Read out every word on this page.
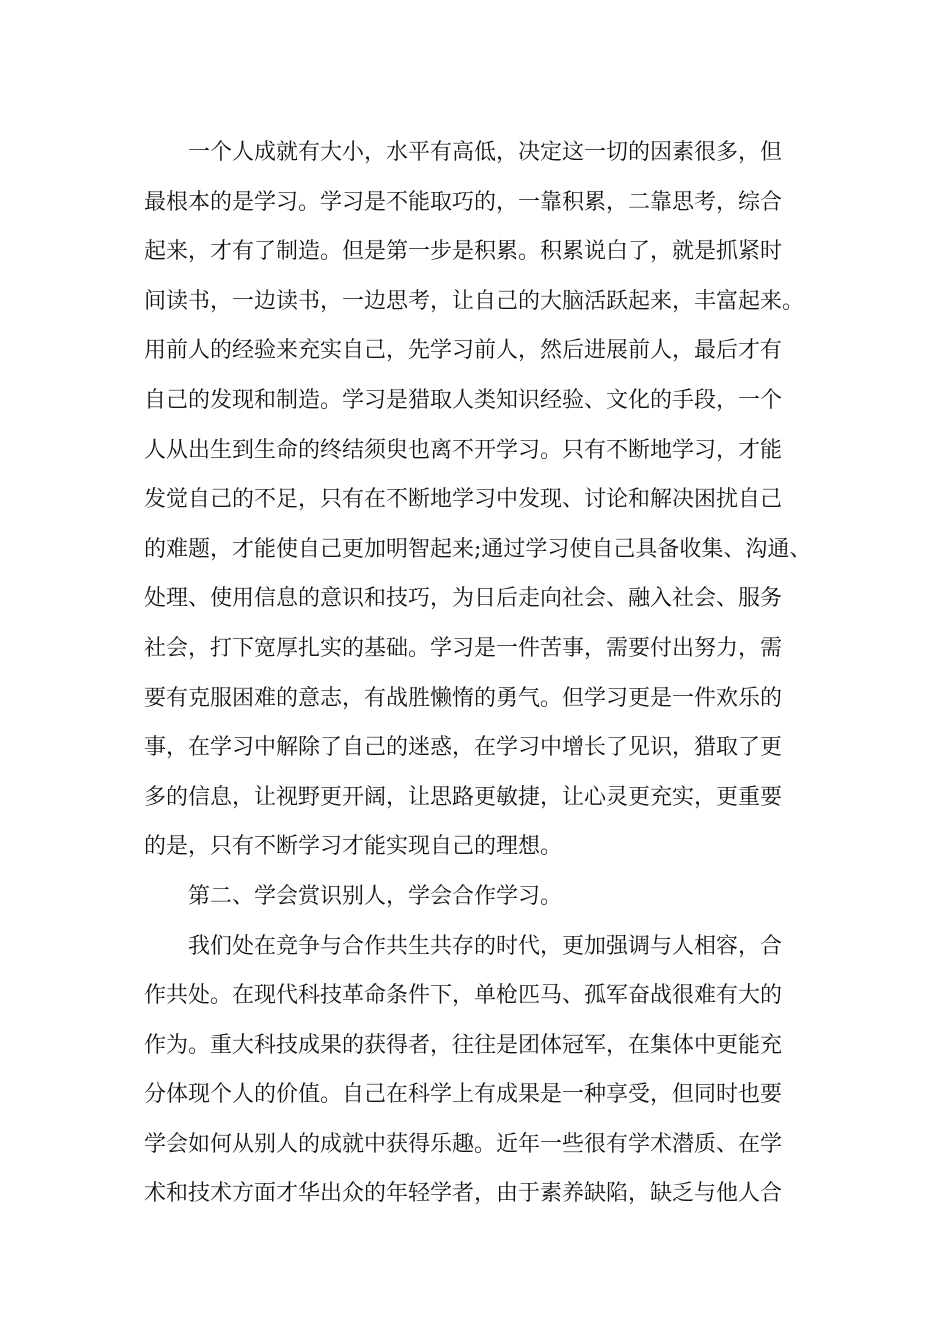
一个人成就有大小，水平有高低，决定这一切的因素很多，但
最根本的是学习。学习是不能取巧的，一靠积累，二靠思考，综合
起来，才有了制造。但是第一步是积累。积累说白了，就是抓紧时
间读书，一边读书，一边思考，让自己的大脑活跃起来，丰富起来。
用前人的经验来充实自己，先学习前人，然后进展前人，最后才有
自己的发现和制造。学习是猎取人类知识经验、文化的手段，一个
人从出生到生命的终结须臾也离不开学习。只有不断地学习，才能
发觉自己的不足，只有在不断地学习中发现、讨论和解决困扰自己
的难题，才能使自己更加明智起来;通过学习使自己具备收集、沟通、
处理、使用信息的意识和技巧，为日后走向社会、融入社会、服务
社会，打下宽厚扎实的基础。学习是一件苦事，需要付出努力，需
要有克服困难的意志，有战胜懒惰的勇气。但学习更是一件欢乐的
事，在学习中解除了自己的迷惑，在学习中增长了见识，猎取了更
多的信息，让视野更开阔，让思路更敏捷，让心灵更充实，更重要
的是，只有不断学习才能实现自己的理想。
第二、学会赏识别人，学会合作学习。
我们处在竞争与合作共生共存的时代，更加强调与人相容，合
作共处。在现代科技革命条件下，单枪匹马、孤军奋战很难有大的
作为。重大科技成果的获得者，往往是团体冠军，在集体中更能充
分体现个人的价值。自己在科学上有成果是一种享受，但同时也要
学会如何从别人的成就中获得乐趣。近年一些很有学术潜质、在学
术和技术方面才华出众的年轻学者，由于素养缺陷，缺乏与他人合
